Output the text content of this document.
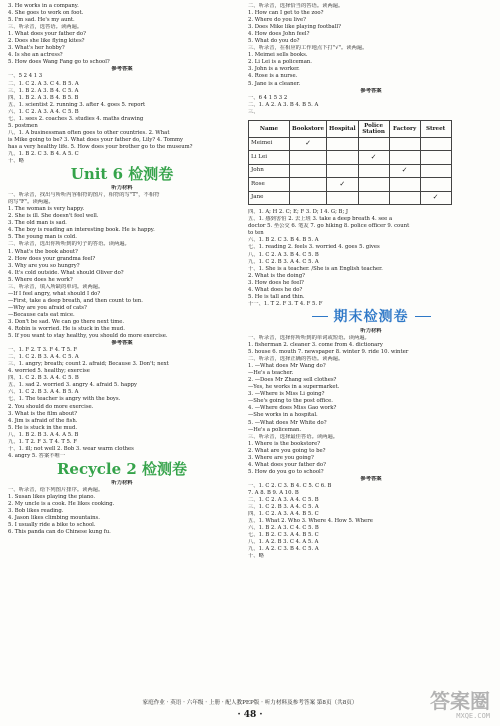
3. He works in a company.
4. She goes to work on foot.
5. I'm sad. He's my aunt.
三、听录音，选答语。读两遍。
1. What does your father do?
2. Does she like flying kites?
3. What's her hobby?
4. Is she an actress?
5. How does Wang Fang go to school?
参考答案
一、5 2 4 1 3
二、1. C 2. A 3. C 4. B 5. A
三、1. B 2. A 3. B 4. C 5. A
四、1. B 2. A 3. B 4. B 5. B
五、1. scientist 2. running 3. after 4. goes 5. report
六、1. C 2. A 3. A 4. C 5. B
七、1. sees 2. coaches 3. studies 4. maths drawing
5. postmen
八、1. A businessman often goes to other countries. 2. What
is Mike going to be? 3. What does your father do, Lily? 4. Tommy
has a very healthy life. 5. How does your brother go to the museum?
九、1. B 2. C 3. B 4. A 5. C
十、略
Unit 6 检测卷
听力材料
一、听录音，找出与所听内容相符的图片，相符的写"T"，不相符
的写"F"。读两遍。
1. The woman is very happy.
2. She is ill. She doesn't feel well.
3. The old man is sad.
4. The boy is reading an interesting book. He is happy.
5. The young man is cold.
二、听录音，选出你所听到的句子的答语。读两遍。
1. What's the book about?
2. How does your grandma feel?
3. Why are you so hungry?
4. It's cold outside. What should Oliver do?
5. Where does he work?
三、听录音，填入所缺的单词。读两遍。
—If I feel angry, what should I do?
—First, take a deep breath, and then count to ten.
—Why are you afraid of cats?
—Because cats eat mice.
3. Don't be sad. We can go there next time.
4. Robin is worried. He is stuck in the mud.
5. If you want to stay healthy, you should do more exercise.
参考答案
一、1. F 2. T 3. F 4. T 5. F
二、1. C 2. B 3. A 4. C 5. A
三、1. angry; breath; count 2. afraid; Because 3. Don't; next
4. worried 5. healthy; exercise
四、1. C 2. B 3. A 4. C 5. B
五、1. sad 2. worried 3. angry 4. afraid 5. happy
六、1. C 2. B 3. A 4. B 5. A
七、1. The teacher is angry with the boys.
2. You should do more exercise.
3. What is the film about?
4. Jim is afraid of the fish.
5. He is stuck in the mud.
八、1. B 2. B 3. A 4. A 5. B
九、1. T 2. F 3. T 4. T 5. F
十、1. ill; not well 2. Bob 3. wear warm clothes
4. angry 5. 答案不唯一
Recycle 2 检测卷
听力材料
一、听录音，给下列图片排序。读两遍。
1. Susan likes playing the piano.
2. My uncle is a cook. He likes cooking.
3. Bob likes reading.
4. Jason likes climbing mountains.
5. I usually ride a bike to school.
6. This panda can do Chinese kung fu.
二、听录音，选择恰当的答语。读两遍。
1. How can I get to the zoo?
2. Where do you live?
3. Does Mike like playing football?
4. How does John feel?
5. What do you do?
三、听录音，在相应的工作地点下打"√"。读两遍。
1. Meimei sells books.
2. Li Lei is a policeman.
3. John is a worker.
4. Rose is a nurse.
5. Jane is a cleaner.
参考答案
一、6 4 1 5 3 2
二、1. A 2. A 3. B 4. B 5. A
三、
Name	Bookstore	Hospital	Police Station	Factory	Street
Meimei	✓				
Li Lei			✓		
John				✓	
Rose		✓			
Jane					✓
四、1. A; H 2. C; E; F 3. D; I 4. G; B; J
五、1. 感到害怕 2. 去上班 3. take a deep breath 4. see a
doctor 5. 坐公交 6. 笔友 7. go hiking 8. police officer 9. count
to ten
六、1. B 2. C 3. B 4. B 5. A
七、1. reading 2. feels 3. worried 4. goes 5. gives
八、1. C 2. A 3. B 4. C 5. B
九、1. C 2. B 3. A 4. C 5. A
十、1. She is a teacher. /She is an English teacher.
2. What is the doing?
3. How does he feel?
4. What does he do?
5. He is tall and thin.
十一、1. T 2. F 3. T 4. F 5. F
期末检测卷
听力材料
一、听录音，选择你所听到的单词或短语。读两遍。
1. fisherman 2. cleaner 3. come from 4. dictionary
5. house 6. mouth 7. newspaper 8. winter 9. ride 10. winter
二、听录音，选择正确的答语。读两遍。
1. —What does Mr Wang do?
—He's a teacher.
2. —Does Mr Zhang sell clothes?
—Yes, he works in a supermarket.
3. —Where is Miss Li going?
—She's going to the post office.
4. —Where does Miss Gao work?
—She works in a hospital.
5. —What does Mr White do?
—He's a policeman.
三、听录音，选择最佳答语。读两遍。
1. Where is the bookstore?
2. What are you going to be?
3. Where are you going?
4. What does your father do?
5. How do you go to school?
参考答案
一、1. C 2. C 3. B 4. C 5. C 6. B
7. A 8. B 9. A 10. B
二、1. C 2. A 3. A 4. C 5. B
三、1. C 2. B 3. A 4. C 5. A
四、1. C 2. A 3. A 4. B 5. C
五、1. What 2. Who 3. Where 4. How 5. Where
六、1. B 2. A 3. C 4. C 5. B
七、1. B 2. C 3. A 4. B 5. C
八、1. A 2. B 3. C 4. A 5. A
九、1. A 2. C 3. B 4. C 5. A
十、略
家庭作业 · 英语 · 六年级 · 上册 · 配人教PEP版 · 听力材料及参考答案 第8页（共8页）
· 48 ·
答案圈
MXQE.COM
